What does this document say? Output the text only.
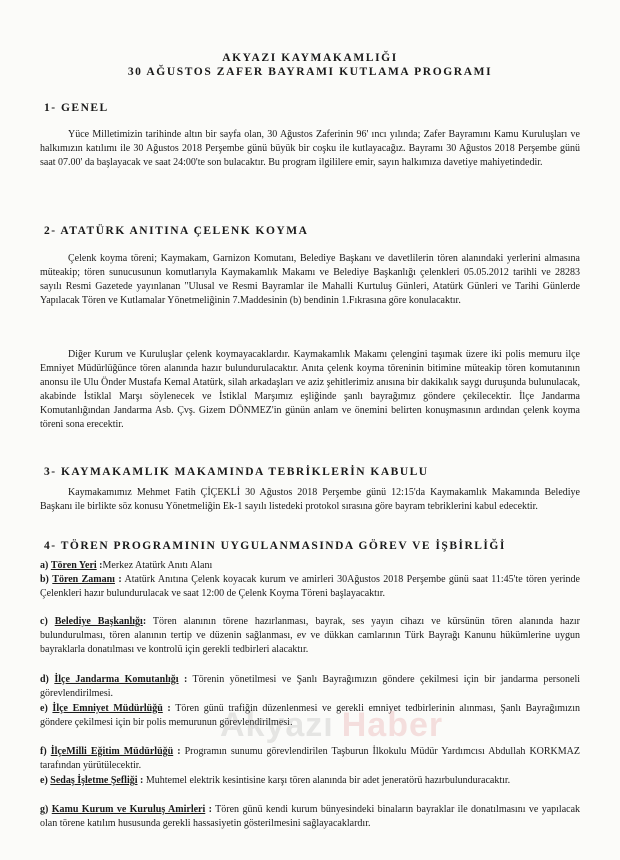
AKYAZI KAYMAKAMLIĞI
30 AĞUSTOS ZAFER BAYRAMI KUTLAMA PROGRAMI
1- GENEL
Yüce Milletimizin tarihinde altın bir sayfa olan, 30 Ağustos Zaferinin 96' ıncı yılında; Zafer Bayramını Kamu Kuruluşları ve halkımızın katılımı ile 30 Ağustos 2018 Perşembe günü büyük bir coşku ile kutlayacağız. Bayramı 30 Ağustos 2018 Perşembe günü saat 07.00' da başlayacak ve saat 24:00'te son bulacaktır. Bu program ilgililere emir, sayın halkımıza davetiye mahiyetindedir.
2- ATATÜRK ANITINA ÇELENK KOYMA
Çelenk koyma töreni; Kaymakam, Garnizon Komutanı, Belediye Başkanı ve davetlilerin tören alanındaki yerlerini almasına müteakip; tören sunucusunun komutlarıyla Kaymakamlık Makamı ve Belediye Başkanlığı çelenkleri 05.05.2012 tarihli ve 28283 sayılı Resmi Gazetede yayınlanan "Ulusal ve Resmi Bayramlar ile Mahalli Kurtuluş Günleri, Atatürk Günleri ve Tarihi Günlerde Yapılacak Tören ve Kutlamalar Yönetmeliğinin 7.Maddesinin (b) bendinin 1.Fıkrasına göre konulacaktır.
Diğer Kurum ve Kuruluşlar çelenk koymayacaklardır. Kaymakamlık Makamı çelengini taşımak üzere iki polis memuru ilçe Emniyet Müdürlüğünce tören alanında hazır bulundurulacaktır. Anıta çelenk koyma töreninin bitimine müteakip tören komutanının anonsu ile Ulu Önder Mustafa Kemal Atatürk, silah arkadaşları ve aziz şehitlerimiz anısına bir dakikalık saygı duruşunda bulunulacak, akabinde İstiklal Marşı söylenecek ve İstiklal Marşımız eşliğinde şanlı bayrağımız göndere çekilecektir. İlçe Jandarma Komutanlığından Jandarma Asb. Çvş. Gizem DÖNMEZ'in günün anlam ve önemini belirten konuşmasının ardından çelenk koyma töreni sona erecektir.
3- KAYMAKAMLIK MAKAMINDA TEBRİKLERİN KABULU
Kaymakamımız Mehmet Fatih ÇİÇEKLİ 30 Ağustos 2018 Perşembe günü 12:15'da Kaymakamlık Makamında Belediye Başkanı ile birlikte söz konusu Yönetmeliğin Ek-1 sayılı listedeki protokol sırasına göre bayram tebriklerini kabul edecektir.
4- TÖREN PROGRAMININ UYGULANMASINDA GÖREV VE İŞBİRLİĞİ
a) Tören Yeri :Merkez Atatürk Anıtı Alanı
b) Tören Zamanı : Atatürk Anıtına Çelenk koyacak kurum ve amirleri 30Ağustos 2018 Perşembe günü saat 11:45'te tören yerinde Çelenkleri hazır bulundurulacak ve saat 12:00 de Çelenk Koyma Töreni başlayacaktır.
c) Belediye Başkanlığı: Tören alanının törene hazırlanması, bayrak, ses yayın cihazı ve kürsünün tören alanında hazır bulundurulması, tören alanının tertip ve düzenin sağlanması, ev ve dükkan camlarının Türk Bayrağı Kanunu hükümlerine uygun bayraklarla donatılması ve kontrolü için gerekli tedbirleri alacaktır.
d) İlçe Jandarma Komutanlığı : Törenin yönetilmesi ve Şanlı Bayrağımızın göndere çekilmesi için bir jandarma personeli görevlendirilmesi.
e) İlçe Emniyet Müdürlüğü : Tören günü trafiğin düzenlenmesi ve gerekli emniyet tedbirlerinin alınması, Şanlı Bayrağımızın göndere çekilmesi için bir polis memurunun görevlendirilmesi.
f) İlçeMilli Eğitim Müdürlüğü : Programın sunumu görevlendirilen Taşburun İlkokulu Müdür Yardımcısı Abdullah KORKMAZ tarafından yürütülecektir.
e) Sedaş İşletme Şefliği : Muhtemel elektrik kesintisine karşı tören alanında bir adet jeneratörü hazırbulunduracaktır.
g) Kamu Kurum ve Kuruluş Amirleri : Tören günü kendi kurum bünyesindeki binaların bayraklar ile donatılmasını ve yapılacak olan törene katılım hususunda gerekli hassasiyetin gösterilmesini sağlayacaklardır.
Akyazı Haber
